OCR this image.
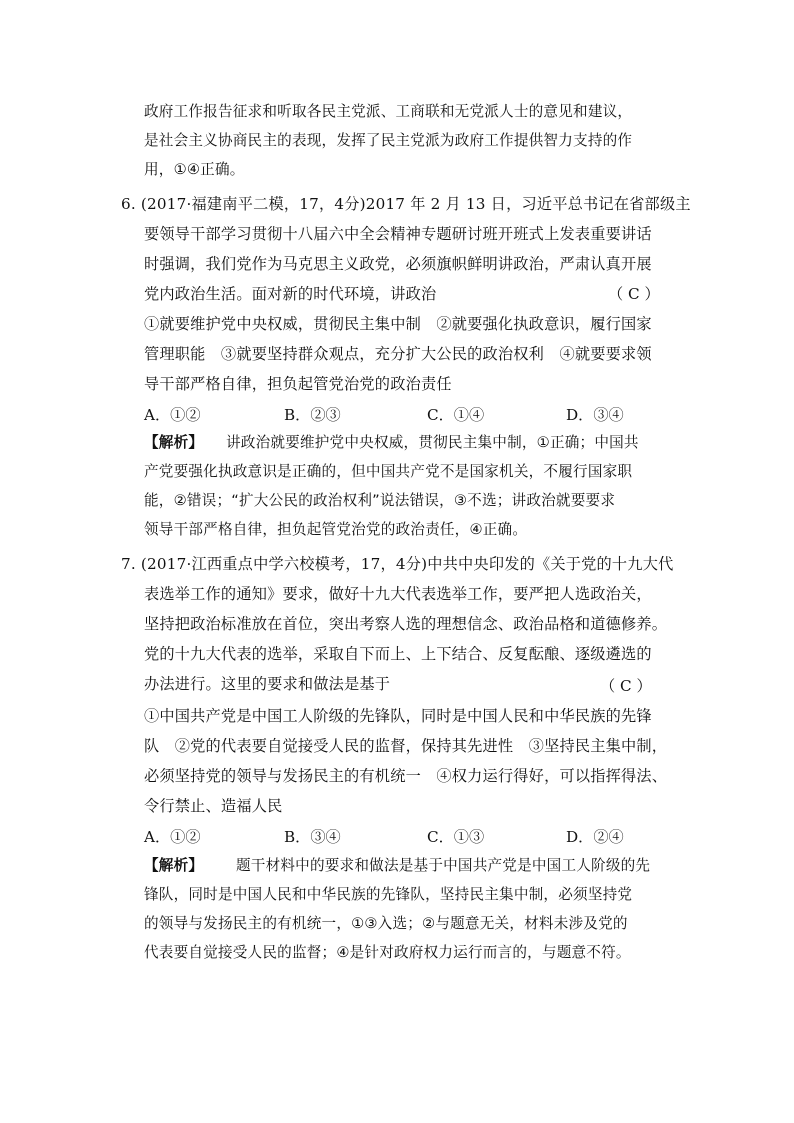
政府工作报告征求和听取各民主党派、工商联和无党派人士的意见和建议，
是社会主义协商民主的表现，发挥了民主党派为政府工作提供智力支持的作
用，①④正确。
6. (2017·福建南平二模，17，4分)2017 年 2 月 13 日，习近平总书记在省部级主
要领导干部学习贯彻十八届六中全会精神专题研讨班开班式上发表重要讲话
时强调，我们党作为马克思主义政党，必须旗帜鲜明讲政治，严肃认真开展
党内政治生活。面对新的时代环境，讲政治	（ C ）
①就要维护党中央权威，贯彻民主集中制　②就要强化执政意识，履行国家
管理职能　③就要坚持群众观点，充分扩大公民的政治权利　④就要要求领
导干部严格自律，担负起管党治党的政治责任
A．①②	B．②③	C．①④	D．③④
【解析】 讲政治就要维护党中央权威，贯彻民主集中制，①正确；中国共
产党要强化执政意识是正确的，但中国共产党不是国家机关，不履行国家职
能，②错误；“扩大公民的政治权利”说法错误，③不选；讲政治就要要求
领导干部严格自律，担负起管党治党的政治责任，④正确。
7. (2017·江西重点中学六校模考，17，4分)中共中央印发的《关于党的十九大代
表选举工作的通知》要求，做好十九大代表选举工作，要严把人选政治关，
坚持把政治标准放在首位，突出考察人选的理想信念、政治品格和道德修养。
党的十九大代表的选举，采取自下而上、上下结合、反复酝酿、逐级遴选的
办法进行。这里的要求和做法是基于	（ C ）
①中国共产党是中国工人阶级的先锋队，同时是中国人民和中华民族的先锋
队　②党的代表要自觉接受人民的监督，保持其先进性　③坚持民主集中制，
必须坚持党的领导与发扬民主的有机统一　④权力运行得好，可以指挥得法、
令行禁止、造福人民
A．①②	B．③④	C．①③	D．②④
【解析】 题干材料中的要求和做法是基于中国共产党是中国工人阶级的先
锋队，同时是中国人民和中华民族的先锋队，坚持民主集中制，必须坚持党
的领导与发扬民主的有机统一，①③入选；②与题意无关，材料未涉及党的
代表要自觉接受人民的监督；④是针对政府权力运行而言的，与题意不符。
